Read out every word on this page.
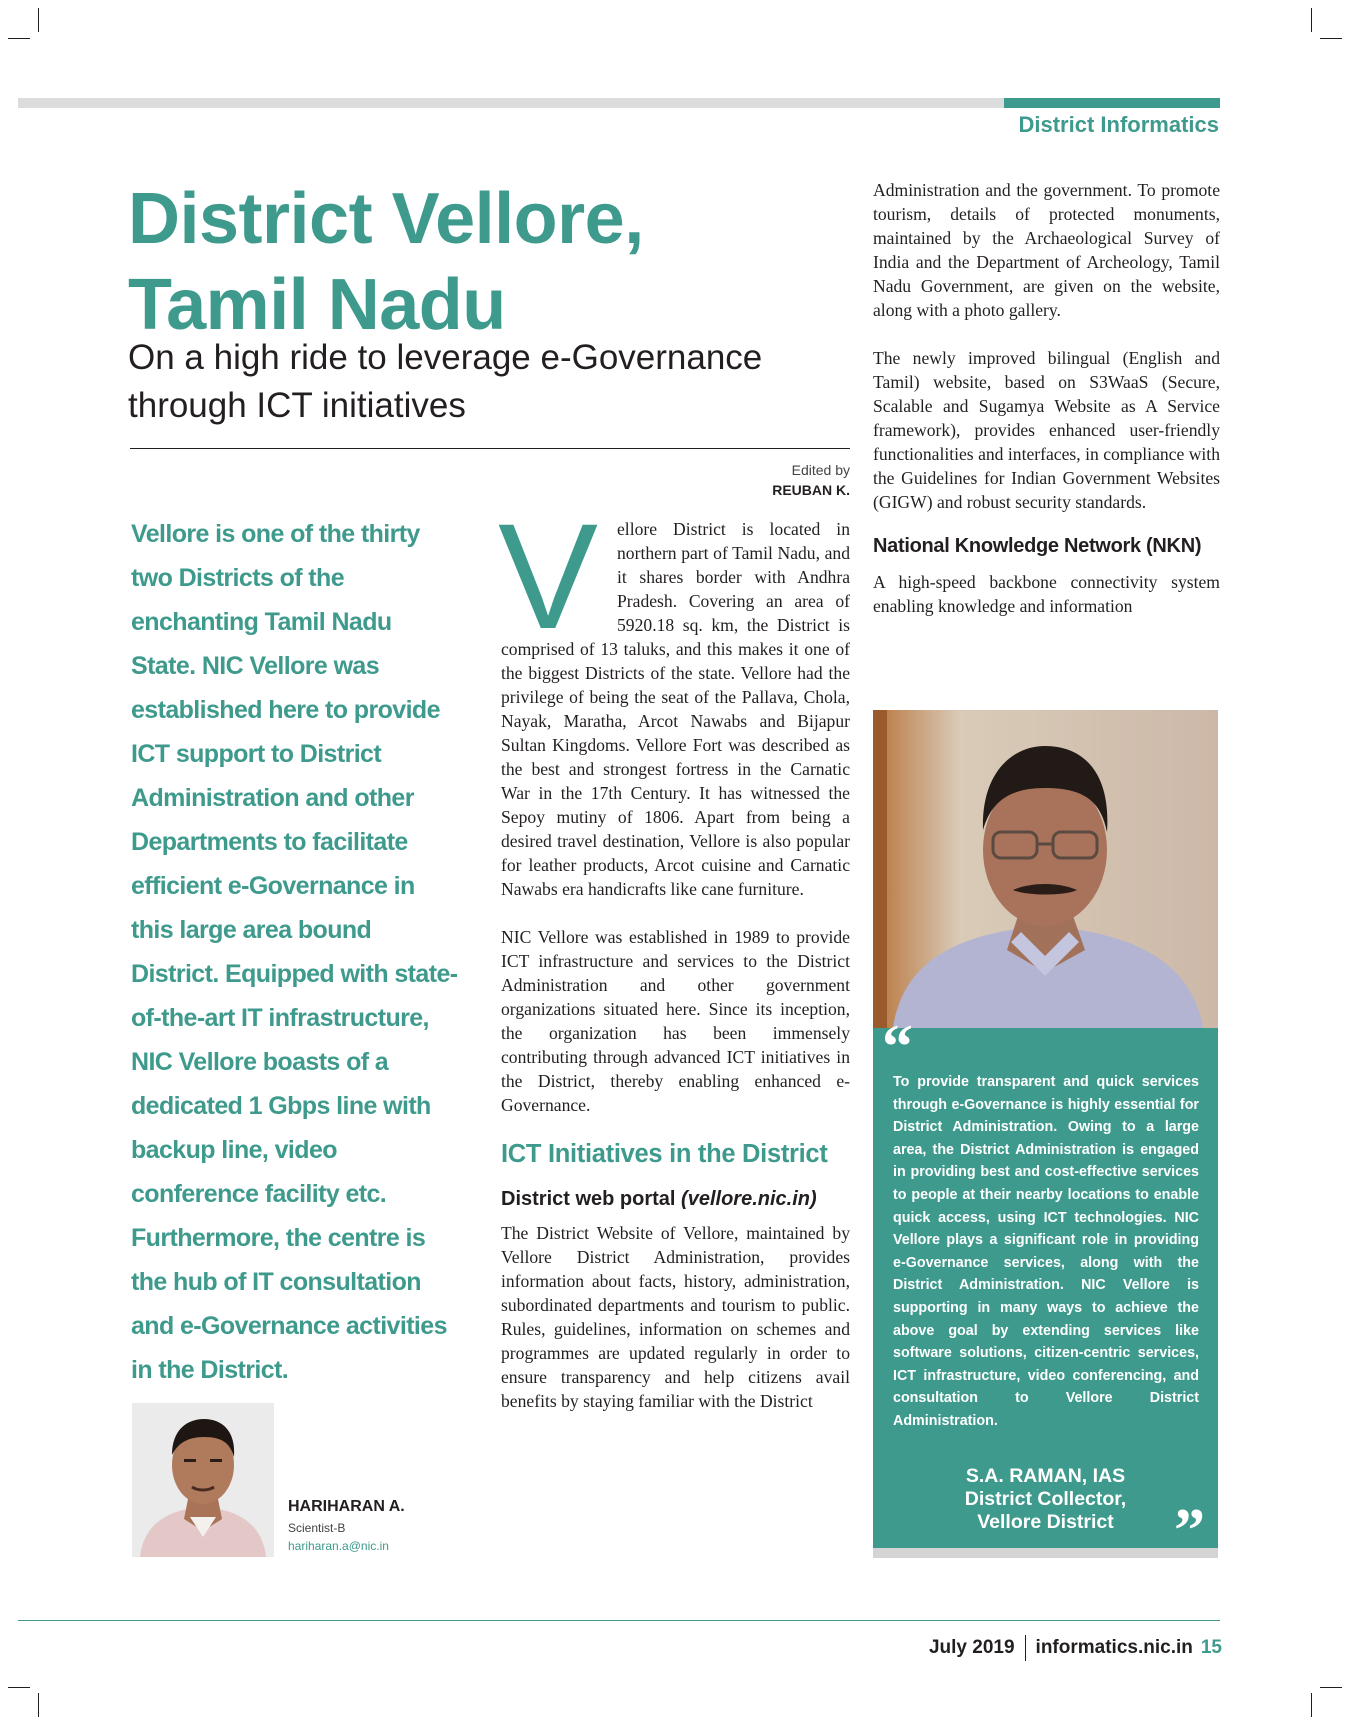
District Informatics
District Vellore,
Tamil Nadu
On a high ride to leverage e-Governance
through ICT initiatives
Edited by
REUBAN K.
Vellore is one of the thirty two Districts of the enchanting Tamil Nadu State. NIC Vellore was established here to provide ICT support to District Administration and other Departments to facilitate efficient e-Governance in this large area bound District. Equipped with state-of-the-art IT infrastructure, NIC Vellore boasts of a dedicated 1 Gbps line with backup line, video conference facility etc. Furthermore, the centre is the hub of IT consultation and e-Governance activities in the District.
HARIHARAN A.
Scientist-B
hariharan.a@nic.in

V	ellore District is located in northern part of Tamil Nadu, and it shares border with Andhra Pradesh. Covering an area of 5920.18 sq. km, the District is comprised of 13 taluks, and this makes it one of the biggest Districts of the state. Vellore had the privilege of being the seat of the Pallava, Chola, Nayak, Maratha, Arcot Nawabs and Bijapur Sultan Kingdoms. Vellore Fort was described as the best and strongest fortress in the Carnatic War in the 17th Century. It has witnessed the Sepoy mutiny of 1806. Apart from being a desired travel destination, Vellore is also popular for leather products, Arcot cuisine and Carnatic Nawabs era handicrafts like cane furniture.

NIC Vellore was established in 1989 to provide ICT infrastructure and services to the District Administration and other government organizations situated here. Since its inception, the organization has been immensely contributing through advanced ICT initiatives in the District, thereby enabling enhanced e-Governance.

ICT Initiatives in the District
District web portal (vellore.nic.in)

The District Website of Vellore, maintained by Vellore District Administration, provides information about facts, history, administration, subordinated departments and tourism to public. Rules, guidelines, information on schemes and programmes are updated regularly in order to ensure transparency and help citizens avail benefits by staying familiar with the District

Administration and the government. To promote tourism, details of protected monuments, maintained by the Archaeological Survey of India and the Department of Archeology, Tamil Nadu Government, are given on the website, along with a photo gallery.

The newly improved bilingual (English and Tamil) website, based on S3WaaS (Secure, Scalable and Sugamya Website as A Service framework), provides enhanced user-friendly functionalities and interfaces, in compliance with the Guidelines for Indian Government Websites (GIGW) and robust security standards.

National Knowledge Network (NKN)

A high-speed backbone connectivity system enabling knowledge and information

“
To provide transparent and quick services through e-Governance is highly essential for District Administration. Owing to a large area, the District Administration is engaged in providing best and cost-effective services to people at their nearby locations to enable quick access, using ICT technologies. NIC Vellore plays a significant role in providing e-Governance services, along with the District Administration. NIC Vellore is supporting in many ways to achieve the above goal by extending services like software solutions, citizen-centric services, ICT infrastructure, video conferencing, and consultation to Vellore District Administration.
S.A. RAMAN, IAS
District Collector,
Vellore District ”
July 2019 informatics.nic.in 15
